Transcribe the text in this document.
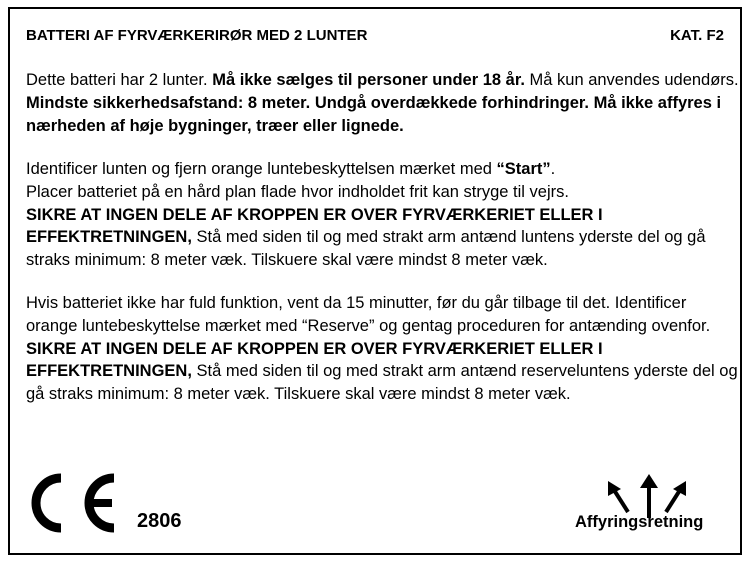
BATTERI AF FYRVÆRKERIRØR MED 2 LUNTER	KAT. F2

Dette batteri har 2 lunter. Må ikke sælges til personer under 18 år. Må kun anvendes udendørs. Mindste sikkerhedsafstand: 8 meter. Undgå overdækkede forhindringer. Må ikke affyres i nærheden af høje bygninger, træer eller lignede.

Identificer lunten og fjern orange luntebeskyttelsen mærket med “Start”.
Placer batteriet på en hård plan flade hvor indholdet frit kan stryge til vejrs.
SIKRE AT INGEN DELE AF KROPPEN ER OVER FYRVÆRKERIET ELLER I EFFEKTRETNINGEN, Stå med siden til og med strakt arm antænd luntens yderste del og gå straks minimum: 8 meter væk. Tilskuere skal være mindst 8 meter væk.

Hvis batteriet ikke har fuld funktion, vent da 15 minutter, før du går tilbage til det. Identificer orange luntebeskyttelse mærket med “Reserve” og gentag proceduren for antænding ovenfor. SIKRE AT INGEN DELE AF KROPPEN ER OVER FYRVÆRKERIET ELLER I EFFEKTRETNINGEN, Stå med siden til og med strakt arm antænd reserveluntens yderste del og gå straks minimum: 8 meter væk. Tilskuere skal være mindst 8 meter væk.

2806	Affyringsretning
